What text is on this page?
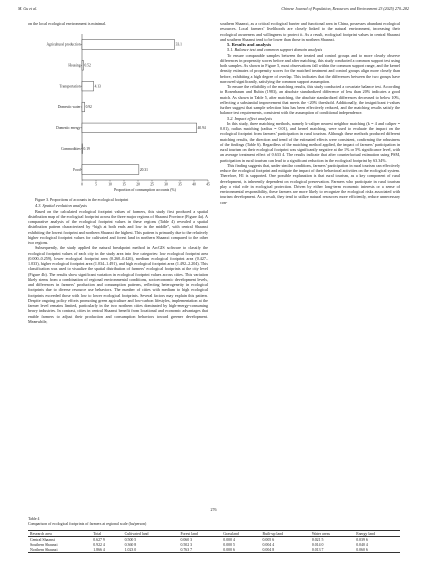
M. Gu et al.	Chinese Journal of Population, Resources and Environment 23 (2025) 270–282

on the local ecological environment is minimal.

0	5	10	15	20	25	30	35	40	45
Agricultural production	33.1
Housing 0.52
Transportation	4.13
Domestic water 0.92
Domestic energy	40.94
Commodities 0.19
Food	20.31
Proportion of consumption accounts (%)

Figure 3. Proportions of accounts in the ecological footprint

4.3. Spatial evolution analysis

Based on the calculated ecological footprint values of farmers, this study first produced a spatial distribution map of the ecological footprint across the three major regions of Shaanxi Province (Figure 4a). A comparative analysis of the ecological footprint values in these regions (Table 4) revealed a spatial distribution pattern characterized by “high at both ends and low in the middle”, with central Shaanxi exhibiting the lowest footprint and northern Shaanxi the highest. This pattern is primarily due to the relatively higher ecological footprint values for cultivated and forest land in northern Shaanxi compared to the other two regions.

Subsequently, the study applied the natural breakpoint method in ArcGIS software to classify the ecological footprint values of each city in the study area into five categories: low ecological footprint area (0.000–0.259), lower ecological footprint area (0.260–0.426), medium ecological footprint area (0.427–1.033), higher ecological footprint area (1.034–1.491), and high ecological footprint area (1.492–2.204). This classification was used to visualize the spatial distribution of farmers’ ecological footprints at the city level (Figure 4b). The results show significant variation in ecological footprint values across cities. This variation likely stems from a combination of regional environmental conditions, socioeconomic development levels, and differences in farmers’ production and consumption patterns, reflecting heterogeneity in ecological footprints due to diverse resource use behaviors. The number of cities with medium to high ecological footprints exceeded those with low to lower ecological footprints. Several factors may explain this pattern. Despite ongoing policy efforts promoting green agriculture and low-carbon lifestyles, implementation at the farmer level remains limited, particularly in the two northern cities dominated by high-energy-consuming heavy industries. In contrast, cities in central Shaanxi benefit from locational and economic advantages that enable farmers to adjust their production and consumption behaviors toward greener development. Meanwhile,

southern Shaanxi, as a critical ecological barrier and functional area in China, possesses abundant ecological resources. Local farmers’ livelihoods are closely linked to the natural environment, increasing their ecological awareness and willingness to protect it. As a result, ecological footprint values in central Shaanxi and southern Shaanxi tend to be lower than those in northern Shaanxi.

5. Results and analysis

5.1. Balance test and common support domain analysis

To ensure comparable samples between the treated and control groups and to more clearly observe differences in propensity scores before and after matching, this study conducted a common support test using both samples. As shown in Figure 5, most observations fall within the common support range, and the kernel density estimates of propensity scores for the matched treatment and control groups align more closely than before, exhibiting a high degree of overlap. This indicates that the differences between the two groups have narrowed significantly, satisfying the common support assumption.

To ensure the reliability of the matching results, this study conducted a covariate balance test. According to Rosenbaum and Rubin (1983), an absolute standardized difference of less than 20% indicates a good match. As shown in Table 5, after matching, the absolute standardized differences decreased to below 10%, reflecting a substantial improvement that meets the <20% threshold. Additionally, the insignificant t-values further suggest that sample selection bias has been effectively reduced, and the matching results satisfy the balance test requirements, consistent with the assumption of conditional independence.

5.2. Impact effect analysis

In this study, three matching methods, namely k-caliper nearest neighbor matching (k = 4 and caliper = 0.01), radius matching (radius = 0.01), and kernel matching, were used to evaluate the impact on the ecological footprint from farmers’ participation in rural tourism. Although these methods produced different matching results, the direction and trend of the estimated effects were consistent, confirming the robustness of the findings (Table 6). Regardless of the matching method applied, the impact of farmers’ participation in rural tourism on their ecological footprint was significantly negative at the 1% or 5% significance level, with an average treatment effect of 0.633 4. The results indicate that after counterfactual estimation using PSM, participation in rural tourism can lead to a significant reduction in the ecological footprint by 63.34%.

This finding suggests that, under similar conditions, farmers’ participation in rural tourism can effectively reduce the ecological footprint and mitigate the impact of their behavioral activities on the ecological system. Therefore, H1 is supported. One possible explanation is that rural tourism, as a key component of rural development, is inherently dependent on ecological preservation. Farmers who participate in rural tourism play a vital role in ecological protection. Driven by either long-term economic interests or a sense of environmental responsibility, these farmers are more likely to recognize the ecological risks associated with tourism development. As a result, they tend to utilize natural resources more efficiently, reduce unnecessary con-

276
Table 4
Comparison of ecological footprints of farmers at regional scale (ha/person)
Research area	Total	Cultivated land	Forest land	Grassland	Built-up land	Water areas	Energy land
Central Shaanxi	0.627 9	0.500 5	0.060 3	0.000 4	0.005 6	0.021 5	0.039 6
Southern Shaanxi	0.922 4	0.360 8	0.502 3	0.000 5	0.004 4	0.014 0	0.040 4
Northern Shaanxi	1.866 4	1.023 0	0.763 7	0.000 6	0.004 8	0.013 7	0.060 6
